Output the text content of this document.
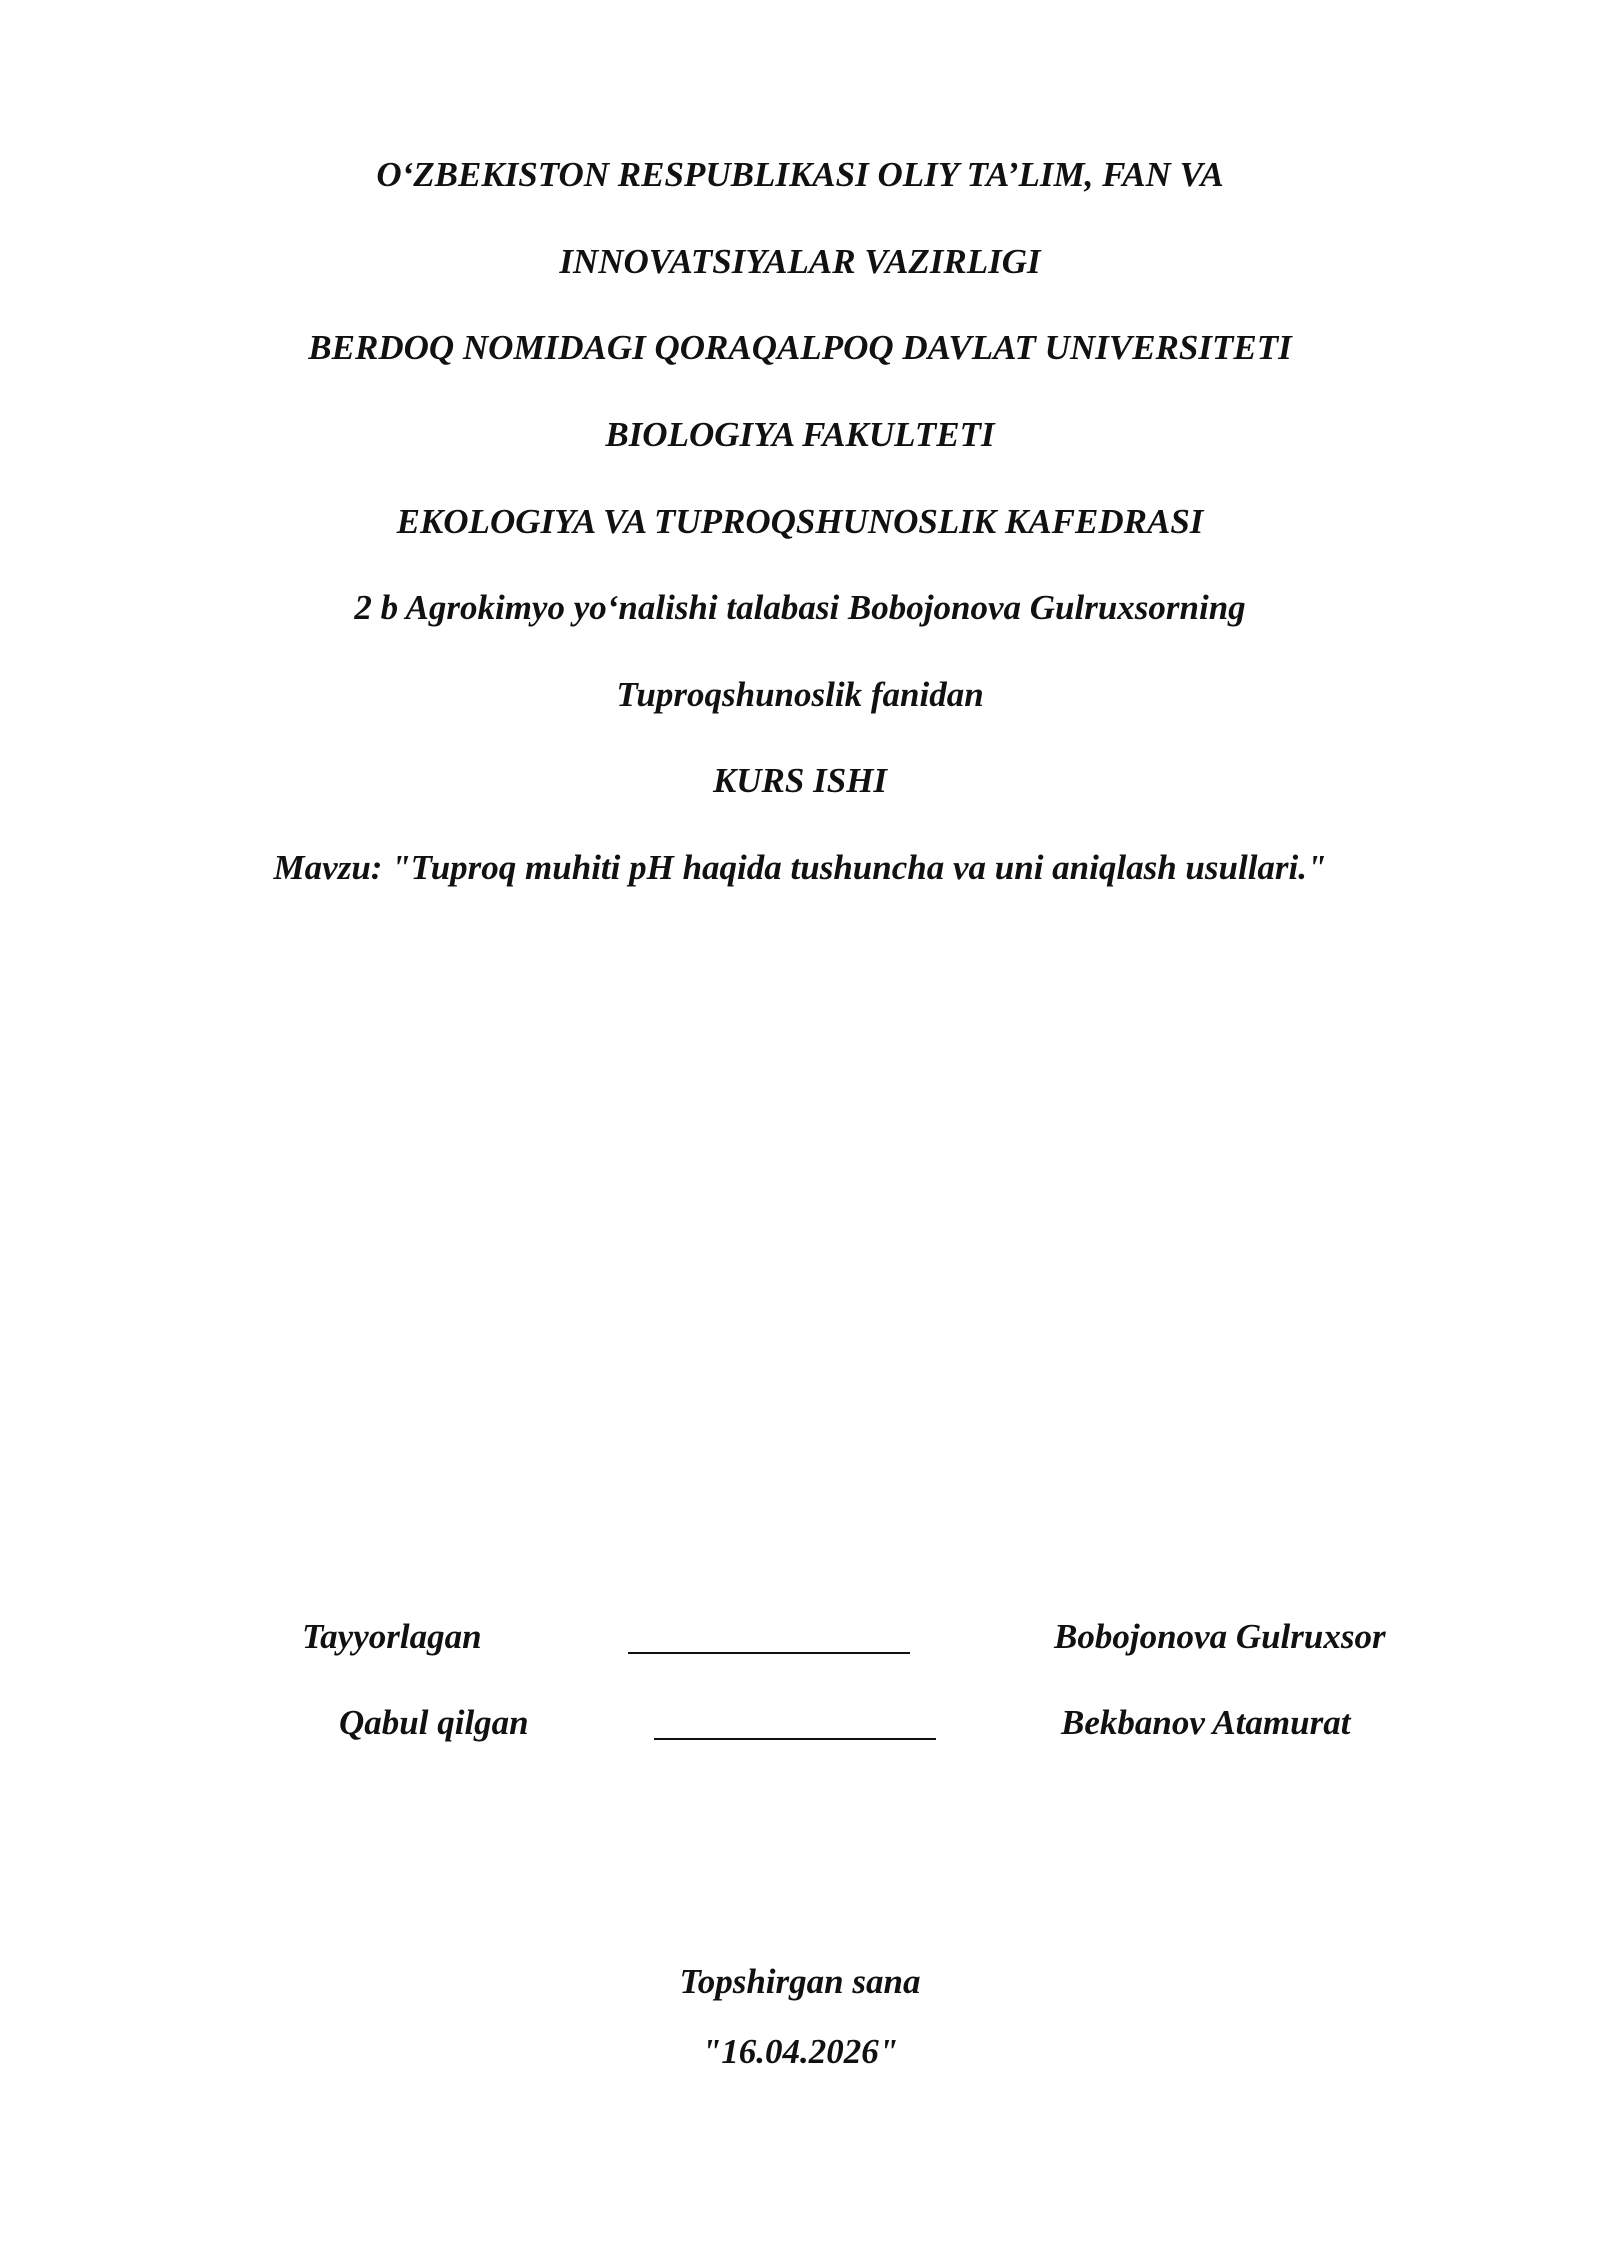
O‘ZBEKISTON RESPUBLIKASI OLIY TA’LIM, FAN VA
INNOVATSIYALAR VAZIRLIGI
BERDOQ NOMIDAGI QORAQALPOQ DAVLAT UNIVERSITETI
BIOLOGIYA FAKULTETI
EKOLOGIYA VA TUPROQSHUNOSLIK KAFEDRASI
2 b Agrokimyo yo‘nalishi talabasi Bobojonova Gulruxsorning
Tuproqshunoslik fanidan
KURS ISHI
Mavzu: "Tuproq muhiti pH haqida tushuncha va uni aniqlash usullari."
Tayyorlagan	Bobojonova Gulruxsor
Qabul qilgan	Bekbanov Atamurat
Topshirgan sana
"16.04.2026"
